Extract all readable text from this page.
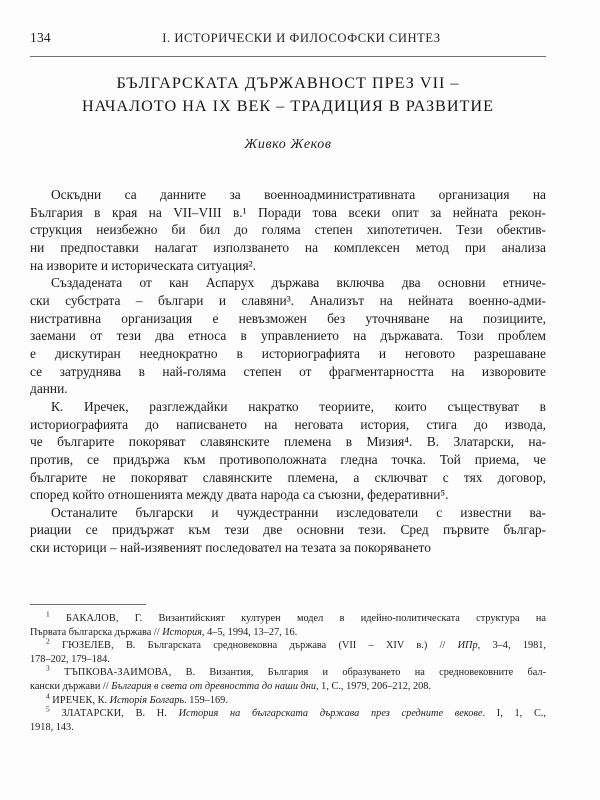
134	I. ИСТОРИЧЕСКИ И ФИЛОСОФСКИ СИНТЕЗ
БЪЛГАРСКАТА ДЪРЖАВНОСТ ПРЕЗ VII –
НАЧАЛОТО НА IX ВЕК – ТРАДИЦИЯ В РАЗВИТИЕ
Живко Жеков

Оскъдни са данните за военноадминистративната организация на
България в края на VII–VIII в.¹ Поради това всеки опит за нейната рекон-
струкция неизбежно би бил до голяма степен хипотетичен. Тези обектив-
ни предпоставки налагат използването на комплексен метод при анализа
на изворите и историческата ситуация².

Създадената от кан Аспарух държава включва два основни етниче-
ски субстрата – българи и славяни³. Анализът на нейната военно-адми-
нистративна организация е невъзможен без уточняване на позициите,
заемани от тези два етноса в управлението на държавата. Този проблем
е дискутиран нееднократно в историографията и неговото разрешаване
се затруднява в най-голяма степен от фрагментарността на изворовите
данни.

К. Иречек, разглеждайки накратко теориите, които съществуват в
историографията до написването на неговата история, стига до извода,
че българите покоряват славянските племена в Мизия⁴. В. Златарски, на-
против, се придържа към противоположната гледна точка. Той приема, че
българите не покоряват славянските племена, а сключват с тях договор,
според който отношенията между двата народа са съюзни, федеративни⁵.

Останалите български и чуждестранни изследователи с известни ва-
риации се придържат към тези две основни тези. Сред първите българ-
ски историци – най-изявеният последовател на тезата за покоряването

$^1$ БАКАЛОВ, Г. Византийският културен модел в идейно-политическата структура на
Първата българска държава // История, 4–5, 1994, 13–27, 16.

$^2$ ГЮЗЕЛЕВ, В. Българската средновековна държава (VII – XIV в.) // ИПр, 3–4, 1981,
178–202, 179–184.

$^3$ ТЪПКОВА-ЗАИМОВА, В. Византия, България и образуването на средновековните бал-
кански държави // България в света от древността до наши дни, 1, С., 1979, 206–212, 208.

$^4$ ИРЕЧЕК, К. Исторiя Болгарь. 159–169.

$^5$ ЗЛАТАРСКИ, В. Н. История на българската държава през средните векове. I, 1, С.,
1918, 143.
